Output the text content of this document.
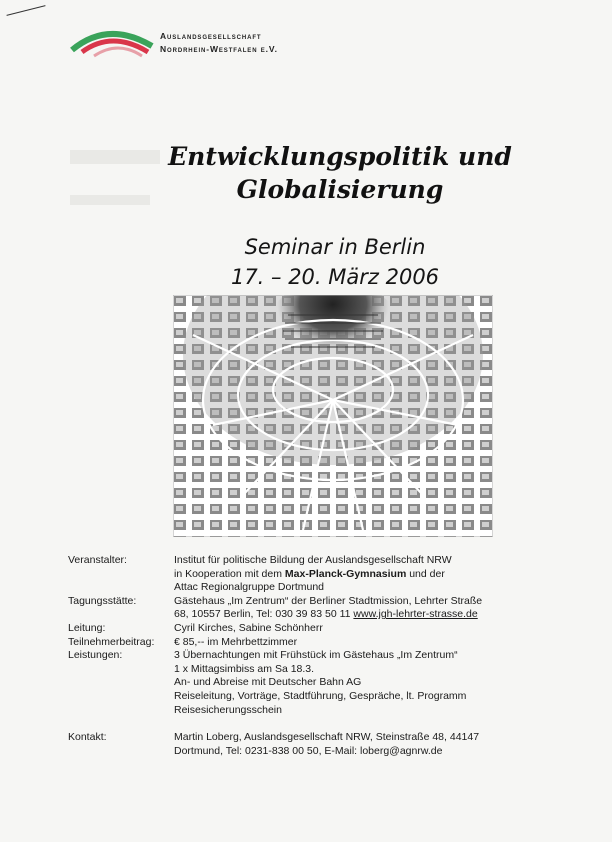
Auslandsgesellschaft
Nordrhein-Westfalen e.V.
Entwicklungspolitik und
Globalisierung
Seminar in Berlin
17. – 20. März 2006
Veranstalter:	Institut für politische Bildung der Auslandsgesellschaft NRW
in Kooperation mit dem Max-Planck-Gymnasium und der
Attac Regionalgruppe Dortmund
Tagungsstätte:	Gästehaus „Im Zentrum“ der Berliner Stadtmission, Lehrter Straße
68, 10557 Berlin, Tel: 030 39 83 50 11 www.jgh-lehrter-strasse.de
Leitung:	Cyril Kirches, Sabine Schönherr
Teilnehmerbeitrag:	€ 85,-- im Mehrbettzimmer
Leistungen:	3 Übernachtungen mit Frühstück im Gästehaus „Im Zentrum“
1 x Mittagsimbiss am Sa 18.3.
An- und Abreise mit Deutscher Bahn AG
Reiseleitung, Vorträge, Stadtführung, Gespräche, lt. Programm
Reisesicherungsschein
Kontakt:	Martin Loberg, Auslandsgesellschaft NRW, Steinstraße 48, 44147
Dortmund, Tel: 0231-838 00 50, E-Mail: loberg@agnrw.de
